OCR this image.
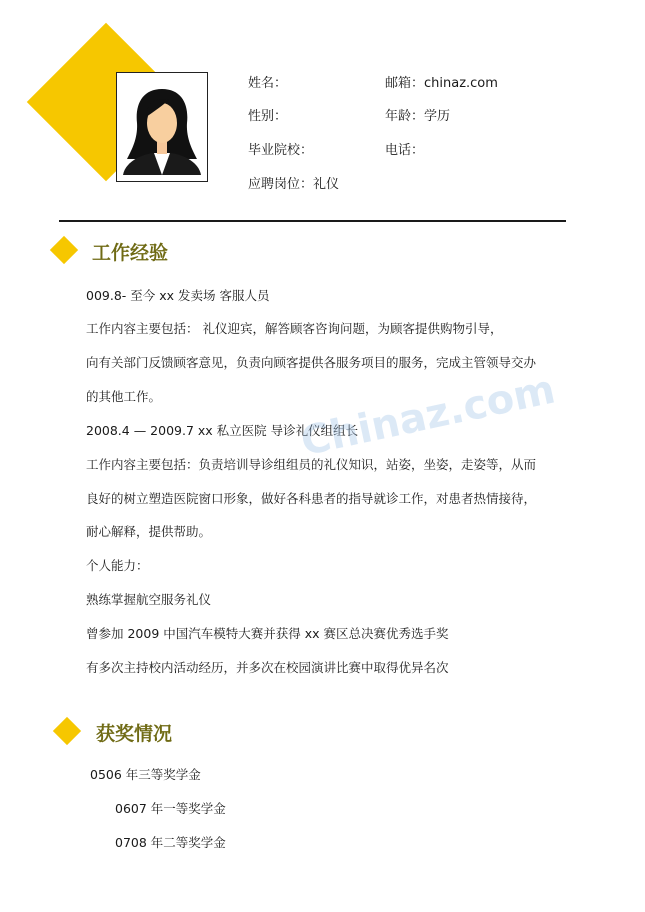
姓名：	邮箱：chinaz.com
性别：	年龄：学历
毕业院校：	电话：
应聘岗位：礼仪
工作经验
009.8- 至今 xx 发卖场 客服人员
工作内容主要包括： 礼仪迎宾，解答顾客咨询问题，为顾客提供购物引导，
向有关部门反馈顾客意见，负责向顾客提供各服务项目的服务，完成主管领导交办
的其他工作。
2008.4 — 2009.7 xx 私立医院 导诊礼仪组组长
工作内容主要包括：负责培训导诊组组员的礼仪知识，站姿，坐姿，走姿等，从而
良好的树立塑造医院窗口形象，做好各科患者的指导就诊工作，对患者热情接待，
耐心解释，提供帮助。
个人能力：
熟练掌握航空服务礼仪
曾参加 2009 中国汽车模特大赛并获得 xx 赛区总决赛优秀选手奖
有多次主持校内活动经历，并多次在校园演讲比赛中取得优异名次
获奖情况
0506 年三等奖学金
0607 年一等奖学金
0708 年二等奖学金
Chinaz.com
